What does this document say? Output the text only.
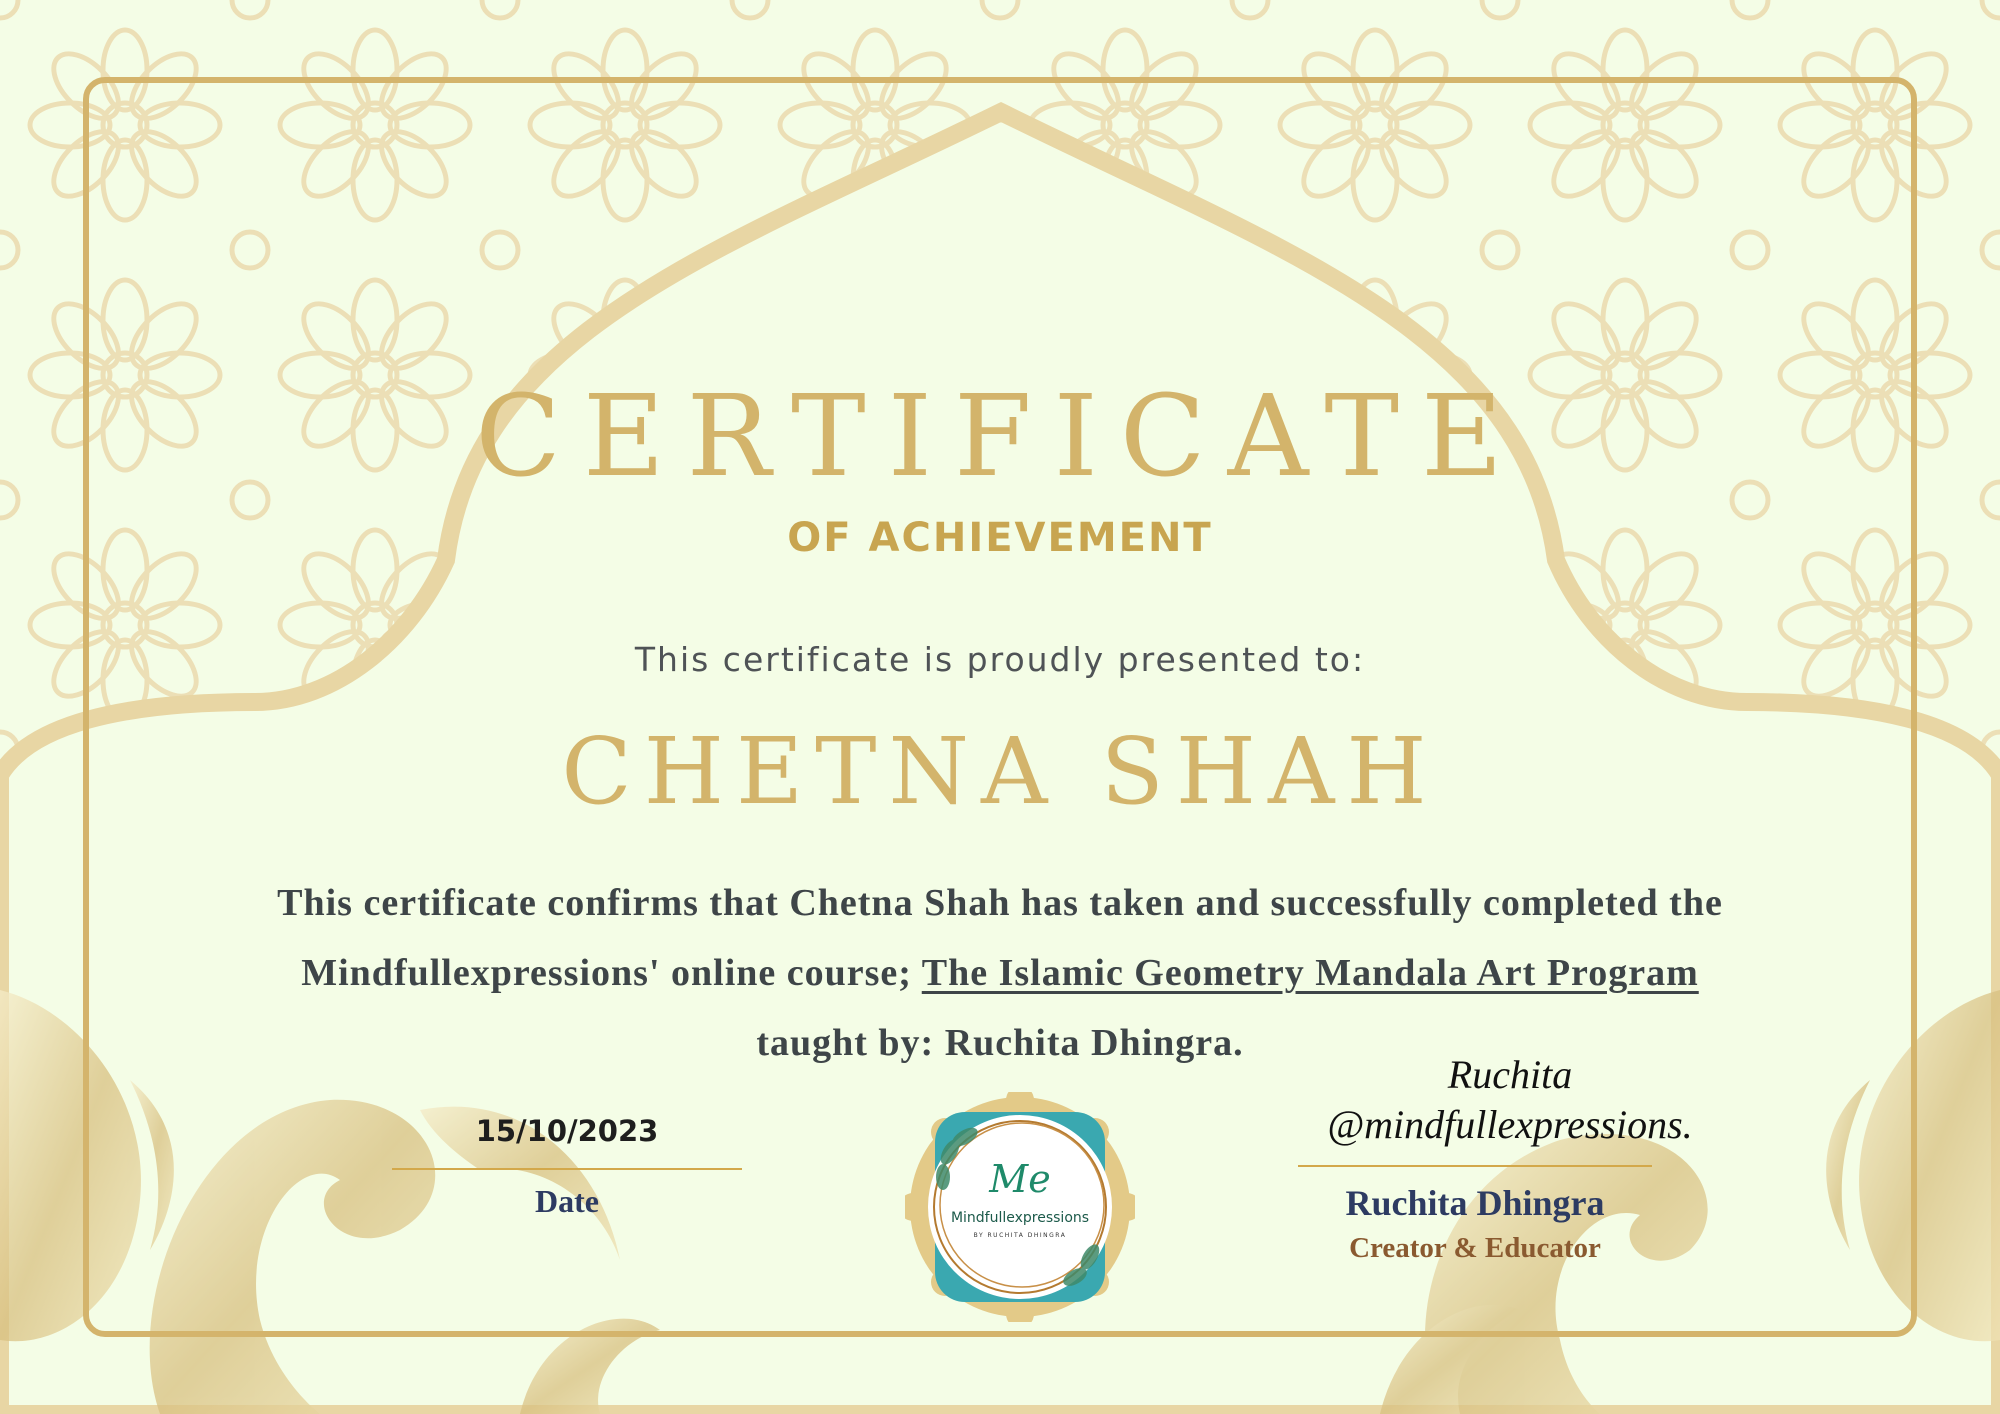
CERTIFICATE
OF ACHIEVEMENT
This certificate is proudly presented to:
CHETNA SHAH
This certificate confirms that Chetna Shah has taken and successfully completed the
Mindfullexpressions' online course; The Islamic Geometry Mandala Art Program
taught by: Ruchita Dhingra.
15/10/2023
Date	Me
Mindfullexpressions
BY RUCHITA DHINGRA
Ruchita
@mindfullexpressions.
Ruchita Dhingra
Creator & Educator
